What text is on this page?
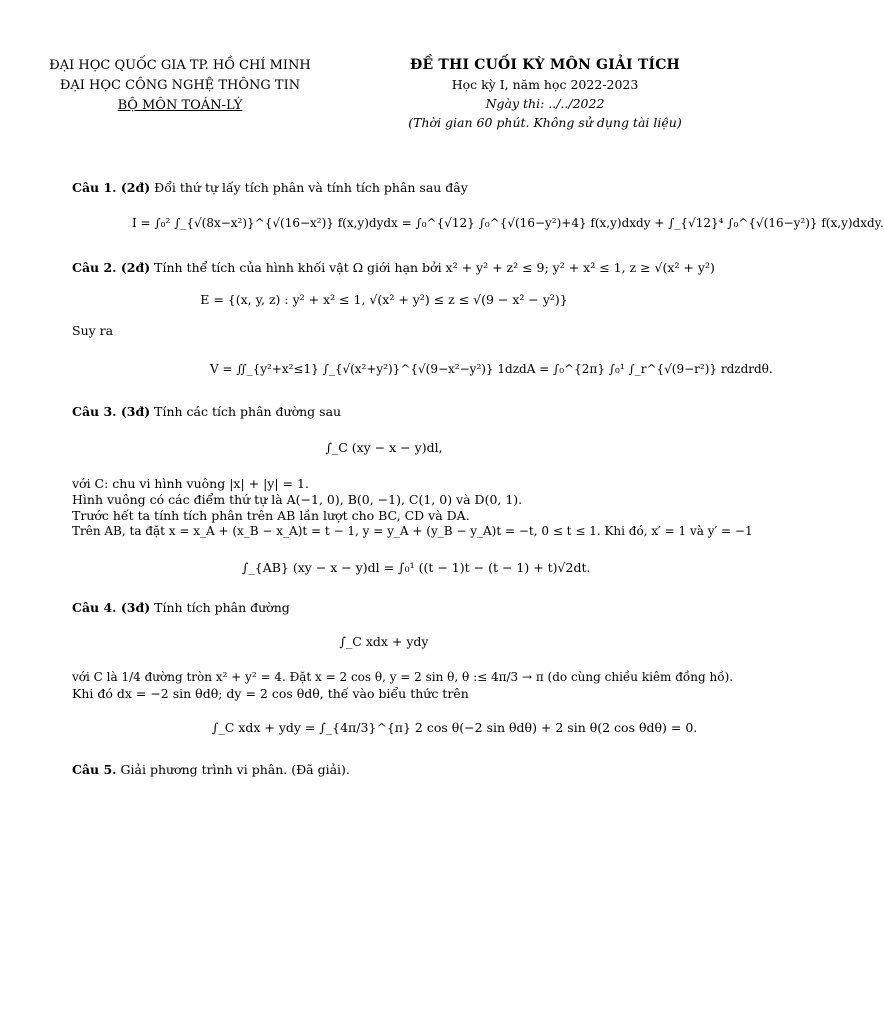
ĐẠI HỌC QUỐC GIA TP. HỒ CHÍ MINH
ĐẠI HỌC CÔNG NGHỆ THÔNG TIN
BỘ MÔN TOÁN-LÝ
ĐỀ THI CUỐI KỲ MÔN GIẢI TÍCH
Học kỳ I, năm học 2022-2023
Ngày thi: ../../2022
(Thời gian 60 phút. Không sử dụng tài liệu)
Câu 1. (2đ) Đổi thứ tự lấy tích phân và tính tích phân sau đây
I = ∫₀² ∫_{√(8x−x²)}^{√(16−x²)} f(x,y)dydx = ∫₀^{√12} ∫₀^{√(16−y²)+4} f(x,y)dxdy + ∫_{√12}⁴ ∫₀^{√(16−y²)} f(x,y)dxdy.
Câu 2. (2đ) Tính thể tích của hình khối vật Ω giới hạn bởi x² + y² + z² ≤ 9; y² + x² ≤ 1, z ≥ √(x² + y²)
E = {(x, y, z) : y² + x² ≤ 1, √(x² + y²) ≤ z ≤ √(9 − x² − y²)}
Suy ra
V = ∬_{y²+x²≤1} ∫_{√(x²+y²)}^{√(9−x²−y²)} 1dzdA = ∫₀^{2π} ∫₀¹ ∫_r^{√(9−r²)} rdzdrdθ.
Câu 3. (3đ) Tính các tích phân đường sau
∫_C (xy − x − y)dl,
với C: chu vi hình vuông |x| + |y| = 1.
Hình vuông có các điểm thứ tự là A(−1, 0), B(0, −1), C(1, 0) và D(0, 1).
Trước hết ta tính tích phân trên AB lần lượt cho BC, CD và DA.
Trên AB, ta đặt x = x_A + (x_B − x_A)t = t − 1, y = y_A + (y_B − y_A)t = −t, 0 ≤ t ≤ 1. Khi đó, x′ = 1 và y′ = −1
∫_{AB} (xy − x − y)dl = ∫₀¹ ((t − 1)t − (t − 1) + t)√2dt.
Câu 4. (3đ) Tính tích phân đường
∫_C xdx + ydy
với C là 1/4 đường tròn x² + y² = 4. Đặt x = 2 cos θ, y = 2 sin θ, θ :≤ 4π/3 → π (do cùng chiều kiêm đồng hồ).
Khi đó dx = −2 sin θdθ; dy = 2 cos θdθ, thế vào biểu thức trên
∫_C xdx + ydy = ∫_{4π/3}^{π} 2 cos θ(−2 sin θdθ) + 2 sin θ(2 cos θdθ) = 0.
Câu 5. Giải phương trình vi phân. (Đã giải).
